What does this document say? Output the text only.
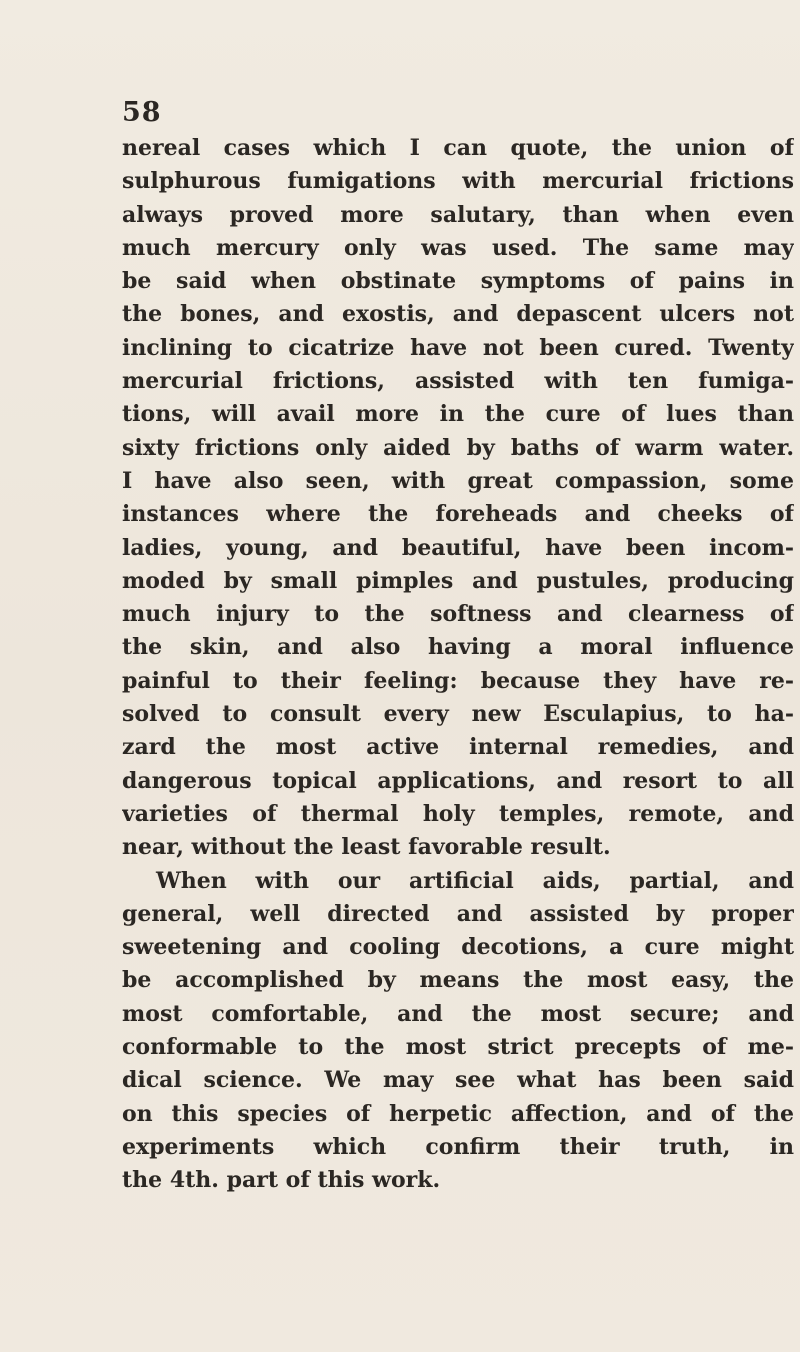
58
nereal cases which I can quote, the union of
sulphurous fumigations with mercurial frictions
always proved more salutary, than when even
much mercury only was used. The same may
be said when obstinate symptoms of pains in
the bones, and exostis, and depascent ulcers not
inclining to cicatrize have not been cured. Twenty
mercurial frictions, assisted with ten fumiga-
tions, will avail more in the cure of lues than
sixty frictions only aided by baths of warm water.
I have also seen, with great compassion, some
instances where the foreheads and cheeks of
ladies, young, and beautiful, have been incom-
moded by small pimples and pustules, producing
much injury to the softness and clearness of
the skin, and also having a moral influence
painful to their feeling: because they have re-
solved to consult every new Esculapius, to ha-
zard the most active internal remedies, and
dangerous topical applications, and resort to all
varieties of thermal holy temples, remote, and
near, without the least favorable result.
When with our artificial aids, partial, and
general, well directed and assisted by proper
sweetening and cooling decotions, a cure might
be accomplished by means the most easy, the
most comfortable, and the most secure; and
conformable to the most strict precepts of me-
dical science. We may see what has been said
on this species of herpetic affection, and of the
experiments which confirm their truth, in
the 4th. part of this work.
